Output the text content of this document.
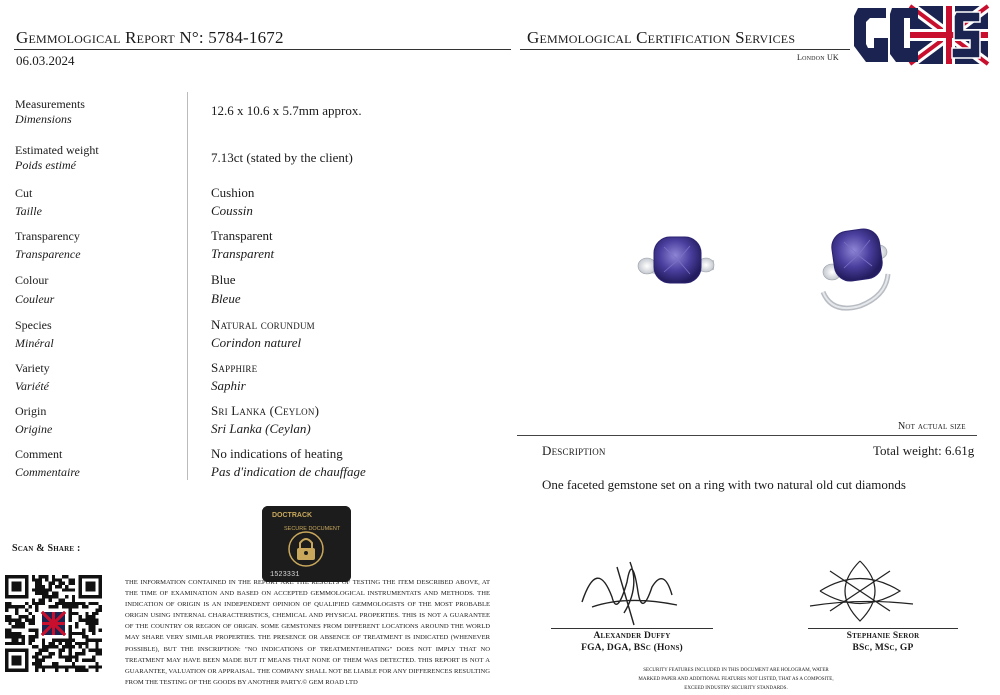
Gemmological Report N°: 5784-1672
06.03.2024
Gemmological Certification Services
London UK
Measurements
Dimensions
12.6 x 10.6 x 5.7mm approx.
Estimated weight
Poids estimé	7.13ct (stated by the client)
Cut
Taille
Cushion
Coussin
Transparency
Transparence
Transparent
Transparent
Colour
Couleur
Blue
Bleue
Species
Minéral
Natural corundum
Corindon naturel
Variety
Variété
Sapphire
Saphir
Origin
Origine
Sri Lanka (Ceylon)
Sri Lanka (Ceylan)
Comment
Commentaire
No indications of heating
Pas d'indication de chauffage
Not actual size
Description	Total weight: 6.61g
One faceted gemstone set on a ring with two natural old cut diamonds
Scan & Share :
DOCTRACK
SECURE DOCUMENT
1523331
THE INFORMATION CONTAINED IN THE REPORT ARE THE RESULTS OF TESTING THE ITEM DESCRIBED ABOVE, AT THE TIME OF EXAMINATION AND BASED ON ACCEPTED GEMMOLOGICAL INSTRUMENTATS AND METHODS. THE INDICATION OF ORIGIN IS AN INDEPENDENT OPINION OF QUALIFIED GEMMOLOGISTS OF THE MOST PROBABLE ORIGIN USING INTERNAL CHARACTERISTICS, CHEMICAL AND PHYSICAL PROPERTIES. THIS IS NOT A GUARANTEE OF THE COUNTRY OR REGION OF ORIGIN. SOME GEMSTONES FROM DIFFERENT LOCATIONS AROUND THE WORLD MAY SHARE VERY SIMILAR PROPERTIES. THE PRESENCE OR ABSENCE OF TREATMENT IS INDICATED (WHENEVER POSSIBLE), BUT THE INSCRIPTION: "NO INDICATIONS OF TREATMENT/HEATING" DOES NOT IMPLY THAT NO TREATMENT MAY HAVE BEEN MADE BUT IT MEANS THAT NONE OF THEM WAS DETECTED. THIS REPORT IS NOT A GUARANTEE, VALUATION OR APPRAISAL. THE COMPANY SHALL NOT BE LIABLE FOR ANY DIFFERENCES RESULTING FROM THE TESTING OF THE GOODS BY ANOTHER PARTY.© GEM ROAD LTD
Alexander Duffy
FGA, DGA, BSc (Hons)
Stephanie Seror
BSc, MSc, GP
SECURITY FEATURES INCLUDED IN THIS DOCUMENT ARE HOLOGRAM, WATER MARKED PAPER AND ADDITIONAL FEATURES NOT LISTED, THAT AS A COMPOSITE, EXCEED INDUSTRY SECURITY STANDARDS.
